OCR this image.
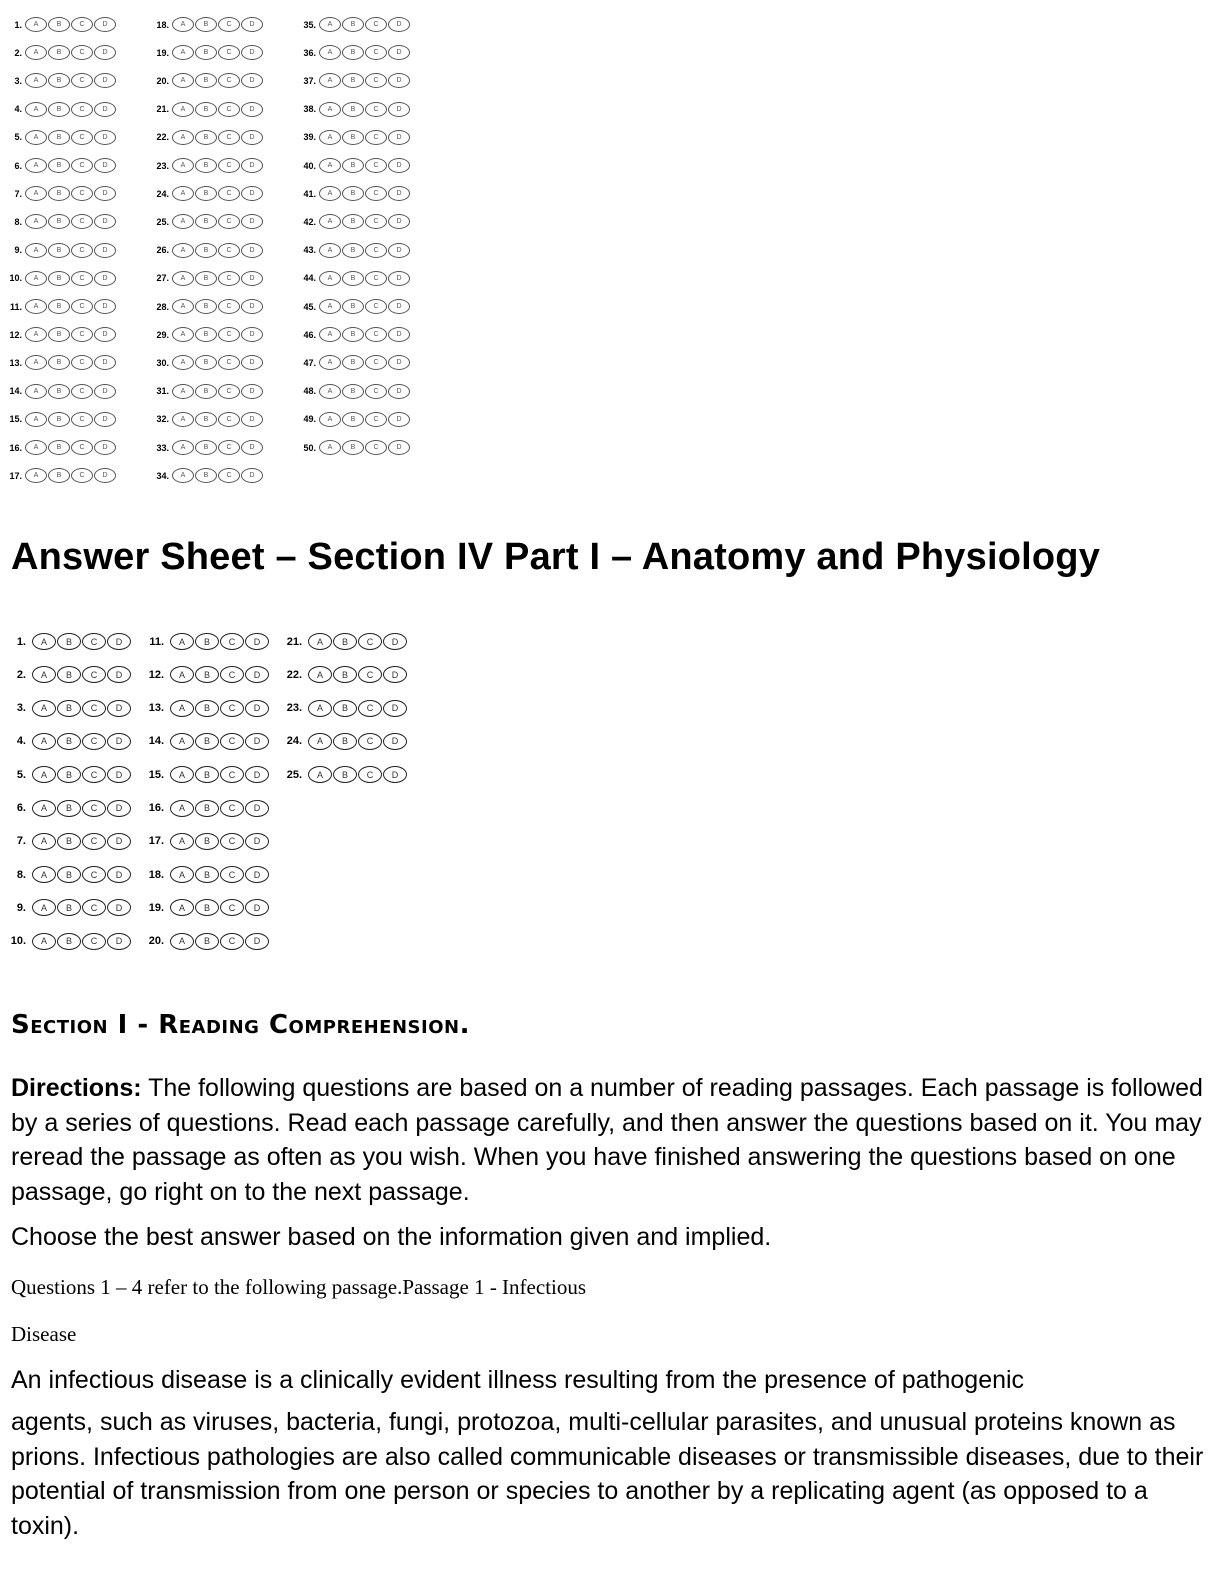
1.	A	B	C	D
2.	A	B	C	D
3.	A	B	C	D
4.	A	B	C	D
5.	A	B	C	D
6.	A	B	C	D
7.	A	B	C	D
8.	A	B	C	D
9.	A	B	C	D
10.	A	B	C	D
11.	A	B	C	D
12.	A	B	C	D
13.	A	B	C	D
14.	A	B	C	D
15.	A	B	C	D
16.	A	B	C	D
17.	A	B	C	D
18.	A	B	C	D
19.	A	B	C	D
20.	A	B	C	D
21.	A	B	C	D
22.	A	B	C	D
23.	A	B	C	D
24.	A	B	C	D
25.	A	B	C	D
26.	A	B	C	D
27.	A	B	C	D
28.	A	B	C	D
29.	A	B	C	D
30.	A	B	C	D
31.	A	B	C	D
32.	A	B	C	D
33.	A	B	C	D
34.	A	B	C	D
35.	A	B	C	D
36.	A	B	C	D
37.	A	B	C	D
38.	A	B	C	D
39.	A	B	C	D
40.	A	B	C	D
41.	A	B	C	D
42.	A	B	C	D
43.	A	B	C	D
44.	A	B	C	D
45.	A	B	C	D
46.	A	B	C	D
47.	A	B	C	D
48.	A	B	C	D
49.	A	B	C	D
50.	A	B	C	D
Answer Sheet – Section IV Part I – Anatomy and Physiology
1.	A	B	C	D
2.	A	B	C	D
3.	A	B	C	D
4.	A	B	C	D
5.	A	B	C	D
6.	A	B	C	D
7.	A	B	C	D
8.	A	B	C	D
9.	A	B	C	D
10.	A	B	C	D
11.	A	B	C	D
12.	A	B	C	D
13.	A	B	C	D
14.	A	B	C	D
15.	A	B	C	D
16.	A	B	C	D
17.	A	B	C	D
18.	A	B	C	D
19.	A	B	C	D
20.	A	B	C	D
21.	A	B	C	D
22.	A	B	C	D
23.	A	B	C	D
24.	A	B	C	D
25.	A	B	C	D
Section I - Reading Comprehension.

Directions: The following questions are based on a number of reading passages. Each passage is followed by a series of questions. Read each passage carefully, and then answer the questions based on it. You may reread the passage as often as you wish. When you have finished answering the questions based on one passage, go right on to the next passage.

Choose the best answer based on the information given and implied.

Questions 1 – 4 refer to the following passage.Passage 1 - Infectious

Disease

An infectious disease is a clinically evident illness resulting from the presence of pathogenic

agents, such as viruses, bacteria, fungi, protozoa, multi-cellular parasites, and unusual proteins known as prions. Infectious pathologies are also called communicable diseases or transmissible diseases, due to their potential of transmission from one person or species to another by a replicating agent (as opposed to a toxin).
